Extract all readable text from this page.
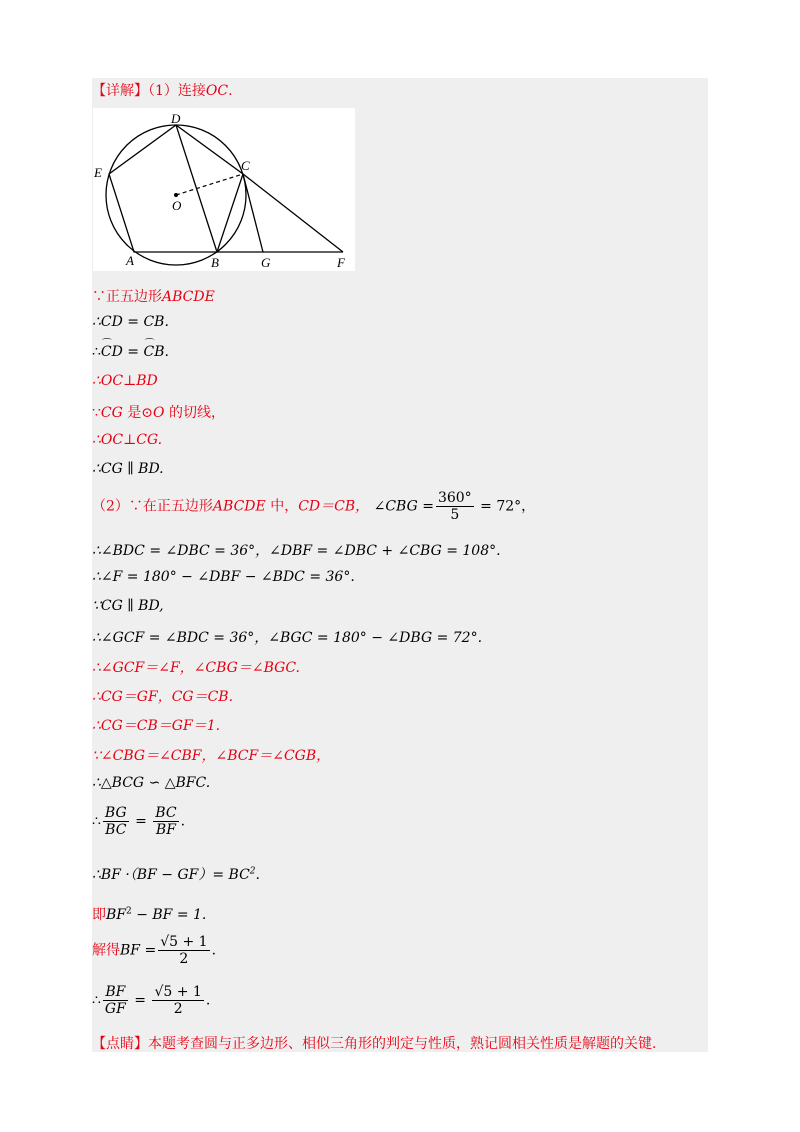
【详解】（1）连接OC.
D
C
E
O
A	B	G	F
∵正五边形ABCDE
∴CD = CB.
∴⌒ CD = ⌒ CB.
∴OC⊥BD
∵CG 是⊙O 的切线，
∴OC⊥CG.
∴CG ∥ BD.
（2）∵在正五边形ABCDE 中，CD＝CB， ∠CBG = $\frac{360^\circ}{5} = 72^\circ$，
∴∠BDC = ∠DBC = 36°，∠DBF = ∠DBC + ∠CBG = 108°.
∴∠F = 180° − ∠DBF − ∠BDC = 36°.
∵CG ∥ BD,
∴∠GCF = ∠BDC = 36°，∠BGC = 180° − ∠DBG = 72°.
∴∠GCF＝∠F，∠CBG＝∠BGC.
∴CG＝GF，CG＝CB.
∴CG＝CB＝GF＝1.
∵∠CBG＝∠CBF，∠BCF＝∠CGB，
∴△BCG ∽ △BFC.
∴ $\frac{BG}{BC} = \frac{BC}{BF}$ .
∴BF $\cdot(BF - GF)= BC^2$.
即$BF^2$ − BF = 1.
解得BF = $\frac{√5 + 1}{2}$ .
∴ $\frac{BF}{GF} = \frac{√5 + 1}{2}$ .
【点睛】本题考查圆与正多边形、相似三角形的判定与性质，熟记圆相关性质是解题的关键.
